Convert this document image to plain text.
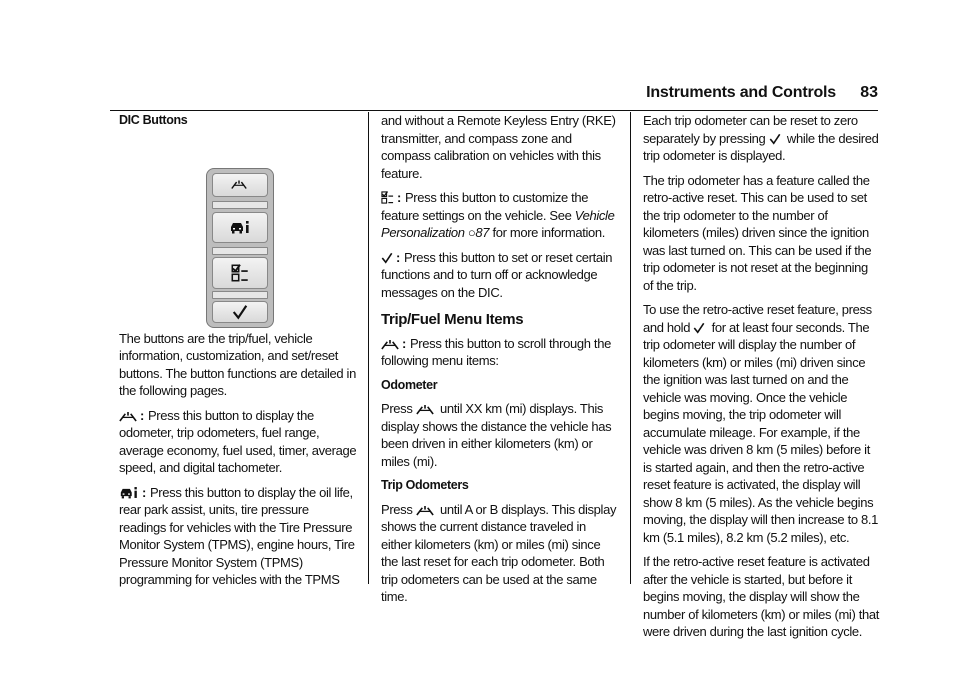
Instruments and Controls 83
DIC Buttons

The buttons are the trip/fuel, vehicle information, customization, and set/reset buttons. The button functions are detailed in the following pages.

: Press this button to display the odometer, trip odometers, fuel range, average economy, fuel used, timer, average speed, and digital tachometer.

: Press this button to display the oil life, rear park assist, units, tire pressure readings for vehicles with the Tire Pressure Monitor System (TPMS), engine hours, Tire Pressure Monitor System (TPMS) programming for vehicles with the TPMS

and without a Remote Keyless Entry (RKE) transmitter, and compass zone and compass calibration on vehicles with this feature.

: Press this button to customize the feature settings on the vehicle. See Vehicle Personalization ○87 for more information.

: Press this button to set or reset certain functions and to turn off or acknowledge messages on the DIC.

Trip/Fuel Menu Items

: Press this button to scroll through the following menu items:

Odometer

Press until XX km (mi) displays. This display shows the distance the vehicle has been driven in either kilometers (km) or miles (mi).

Trip Odometers

Press until A or B displays. This display shows the current distance traveled in either kilometers (km) or miles (mi) since the last reset for each trip odometer. Both trip odometers can be used at the same time.

Each trip odometer can be reset to zero separately by pressing while the desired trip odometer is displayed.

The trip odometer has a feature called the retro-active reset. This can be used to set the trip odometer to the number of kilometers (miles) driven since the ignition was last turned on. This can be used if the trip odometer is not reset at the beginning of the trip.

To use the retro-active reset feature, press and hold for at least four seconds. The trip odometer will display the number of kilometers (km) or miles (mi) driven since the ignition was last turned on and the vehicle was moving. Once the vehicle begins moving, the trip odometer will accumulate mileage. For example, if the vehicle was driven 8 km (5 miles) before it is started again, and then the retro-active reset feature is activated, the display will show 8 km (5 miles). As the vehicle begins moving, the display will then increase to 8.1 km (5.1 miles), 8.2 km (5.2 miles), etc.

If the retro-active reset feature is activated after the vehicle is started, but before it begins moving, the display will show the number of kilometers (km) or miles (mi) that were driven during the last ignition cycle.
